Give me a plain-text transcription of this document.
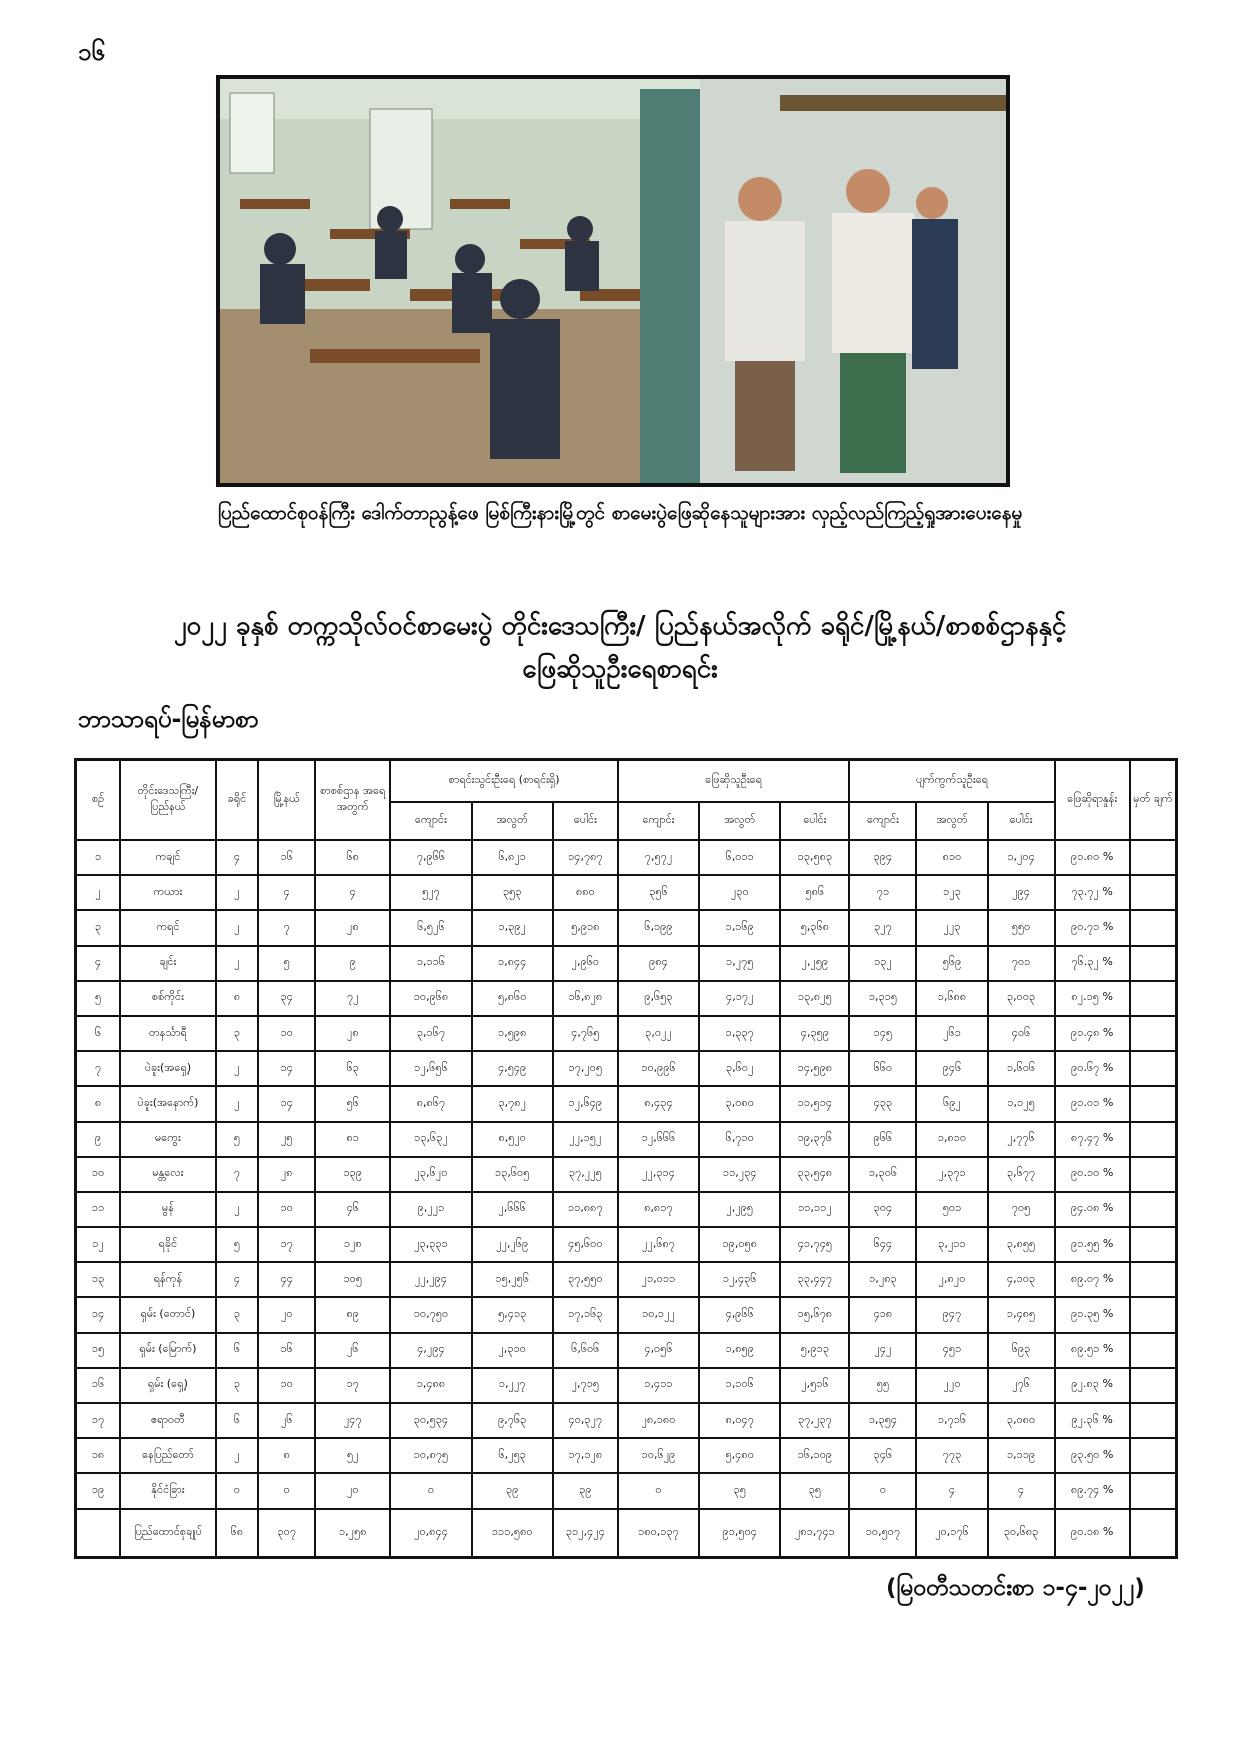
၁၆
ပြည်ထောင်စုဝန်ကြီး ဒေါက်တာညွန့်ဖေ မြစ်ကြီးနားမြို့တွင် စာမေးပွဲဖြေဆိုနေသူများအား လှည့်လည်ကြည့်ရှုအားပေးနေမှု
၂၀၂၂ ခုနှစ် တက္ကသိုလ်ဝင်စာမေးပွဲ တိုင်းဒေသကြီး/ ပြည်နယ်အလိုက် ခရိုင်/မြို့နယ်/စာစစ်ဌာနနှင့်
ဖြေဆိုသူဦးရေစာရင်း
ဘာသာရပ်-မြန်မာစာ
စဉ်	တိုင်းဒေသကြီး/ ပြည်နယ်	ခရိုင်	မြို့နယ်	စာစစ်ဌာန အရေ အတွက်	စာရင်းသွင်းဦးရေ (စာရင်းရှိ)			ဖြေဆိုသူဦးရေ			ပျက်ကွက်သူဦးရေ			ဖြေဆိုရာနှုန်း	မှတ် ချက်
					ကျောင်း	အလွတ်	ပေါင်း	ကျောင်း	အလွတ်	ပေါင်း	ကျောင်း	အလွတ်	ပေါင်း		
၁	ကချင်	၄	၁၆	၆၈	၇,၉၆၆	၆,၈၂၁	၁၄,၇၈၇	၇,၅၇၂	၆,၀၁၁	၁၃,၅၈၃	၃၉၄	၈၁၀	၁,၂၀၄	၉၁.၈၀ %	
၂	ကယား	၂	၄	၄	၅၂၇	၃၅၃	၈၈၀	၃၅၆	၂၃၀	၅၈၆	၇၁	၁၂၃	၂၉၄	၇၃.၇၂ %	
၃	ကရင်	၂	၇	၂၈	၆,၅၂၆	၁,၃၉၂	၅,၉၁၈	၆,၁၉၉	၁,၁၆၉	၅,၃၆၈	၃၂၇	၂၂၃	၅၅၀	၉၀.၇၁ %	
၄	ချင်း	၂	၅	၉	၁,၁၁၆	၁,၈၄၄	၂,၉၆၀	၉၈၄	၁,၂၇၅	၂,၂၅၉	၁၃၂	၅၆၉	၇၀၁	၇၆.၃၂ %	
၅	စစ်ကိုင်း	၈	၃၄	၇၂	၁၀,၉၆၈	၅,၈၆၀	၁၆,၈၂၈	၉,၆၅၃	၄,၁၇၂	၁၃,၈၂၅	၁,၃၁၅	၁,၆၈၈	၃,၀၀၃	၈၂.၁၅ %	
၆	တနင်္သာရီ	၃	၁၀	၂၈	၃,၁၆၇	၁,၅၉၈	၄,၇၆၅	၃,၀၂၂	၁,၃၃၇	၄,၃၅၉	၁၄၅	၂၆၁	၄၀၆	၉၁.၄၈ %	
၇	ပဲခူး(အရှေ့)	၂	၁၄	၆၃	၁၂,၆၅၆	၄,၅၄၉	၁၇,၂၀၅	၁၀,၉၉၆	၃,၆၀၂	၁၄,၅၉၈	၆၆၀	၉၄၆	၁,၆၀၆	၉၀.၆၇ %	
၈	ပဲခူး(အနောက်)	၂	၁၄	၅၆	၈,၈၆၇	၃,၇၈၂	၁၂,၆၄၉	၈,၄၃၄	၃,၀၈၀	၁၁,၅၁၄	၄၃၃	၆၉၂	၁,၁၂၅	၉၁.၀၁ %	
၉	မကွေး	၅	၂၅	၈၁	၁၃,၆၃၂	၈,၅၂၀	၂၂,၁၅၂	၁၂,၆၆၆	၆,၇၁၀	၁၉,၃၇၆	၉၆၆	၁,၈၁၀	၂,၇၇၆	၈၇.၄၇ %	
၁၀	မန္တလေး	၇	၂၈	၁၃၉	၂၃,၆၂၀	၁၃,၆၀၅	၃၇,၂၂၅	၂၂,၃၁၄	၁၁,၂၃၄	၃၃,၅၄၈	၁,၃၀၆	၂,၃၇၁	၃,၆၇၇	၉၀.၁၀ %	
၁၁	မွန်	၂	၁၀	၄၆	၉,၂၂၁	၂,၆၆၆	၁၁,၈၈၇	၈,၈၁၇	၂,၂၉၅	၁၁,၁၁၂	၃၀၄	၅၀၁	၇၀၅	၉၄.၀၈ %	
၁၂	ရခိုင်	၅	၁၇	၁၂၈	၂၃,၃၃၁	၂၂,၂၆၉	၄၅,၆၀၀	၂၂,၆၈၇	၁၉,၀၅၈	၄၁,၇၄၅	၆၄၄	၃,၂၁၁	၃,၈၅၅	၉၁.၅၅ %	
၁၃	ရန်ကုန်	၄	၄၄	၁၀၅	၂၂,၂၉၄	၁၅,၂၅၆	၃၇,၅၅၀	၂၁,၀၁၁	၁၂,၄၃၆	၃၃,၄၄၇	၁,၂၈၃	၂,၈၂၀	၄,၁၀၃	၈၉.၀၇ %	
၁၄	ရှမ်း (တောင်)	၃	၂၀	၈၉	၁၀,၇၅၀	၅,၄၁၃	၁၇,၁၆၃	၁၀,၁၂၂	၄,၉၆၆	၁၅,၆၇၈	၄၁၈	၉၄၇	၁,၄၈၅	၉၁.၃၅ %	
၁၅	ရှမ်း (မြောက်)	၆	၁၆	၂၆	၄,၂၉၄	၂,၃၁၀	၆,၆၀၆	၄,၀၅၆	၁,၈၅၉	၅,၉၁၃	၂၄၂	၄၅၁	၆၉၃	၈၉.၅၁ %	
၁၆	ရှမ်း (ရှေ့)	၃	၁၀	၁၇	၁,၄၈၈	၁,၂၂၇	၂,၇၁၅	၁,၄၁၁	၁,၁၀၆	၂,၅၁၆	၅၅	၂၂၀	၂၇၆	၉၂.၈၃ %	
၁၇	ဧရာဝတီ	၆	၂၆	၂၄၇	၃၀,၅၃၄	၉,၇၆၃	၄၀,၃၂၇	၂၈,၁၈၀	၈,၀၄၇	၃၇,၂၃၇	၁,၃၅၄	၁,၇၁၆	၃,၀၈၀	၉၂.၃၆ %	
၁၈	နေပြည်တော်	၂	၈	၅၂	၁၀,၈၇၅	၆,၂၅၃	၁၇,၁၂၈	၁၀,၆၂၉	၅,၄၈၀	၁၆,၁၀၉	၃၄၆	၇၇၃	၁,၁၁၉	၉၃.၅၀ %	
၁၉	နိုင်ငံခြား	၀	၀	၂၀	၀	၃၉	၃၉	၀	၃၅	၃၅	၀	၄	၄	၈၉.၇၄ %	
	ပြည်ထောင်စုချုပ်	၆၈	၃၀၇	၁,၂၅၈	၂၀,၈၄၄	၁၁၁,၅၈၀	၃၁၂,၄၂၄	၁၈၀,၁၃၇	၉၁,၅၀၄	၂၈၁,၇၄၁	၁၀,၅၀၇	၂၀,၁၇၆	၃၀,၆၈၃	၉၀.၁၈ %	
(မြဝတီသတင်းစာ ၁-၄-၂၀၂၂)
